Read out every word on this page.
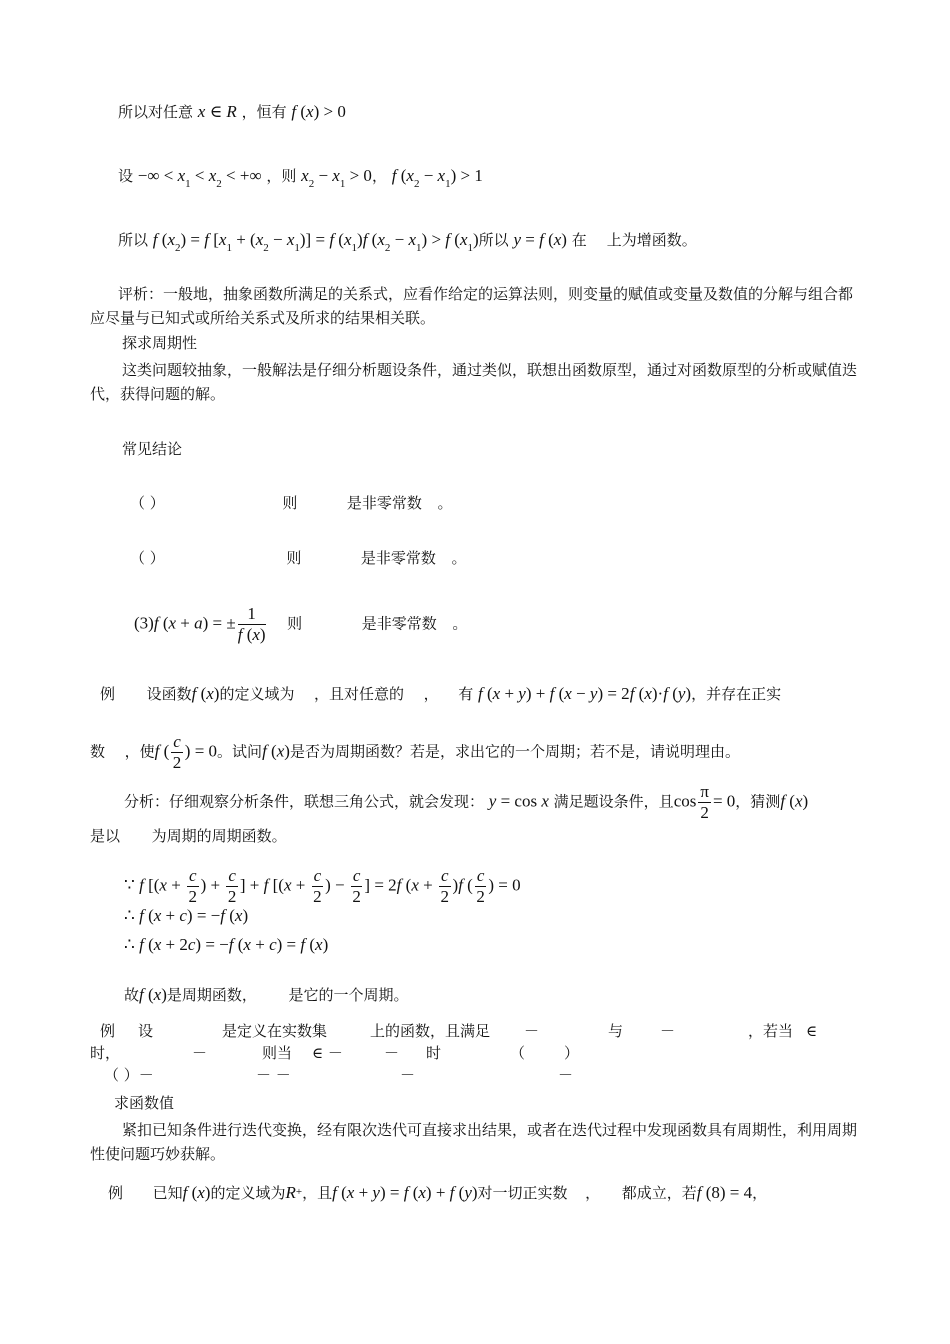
所以对任意 x ∈ R ，恒有 f (x) > 0
设 −∞ < $x_1 < x_2$ < +∞ ，则 $x_2 - x_1 > 0$， f $(x_2 - x_1) > 1$
所以 f $(x_2) = f$ $[x_1 + (x_2 - x_1)] = f$ $(x_1)f$ $(x_2 - x_1) > f$ $(x_1)$所以 y = f (x) 在 上为增函数。
评析：一般地，抽象函数所满足的关系式，应看作给定的运算法则，则变量的赋值或变量及数值的分解与组合都应尽量与已知式或所给关系式及所求的结果相关联。
探求周期性
这类问题较抽象，一般解法是仔细分析题设条件，通过类似，联想出函数原型，通过对函数原型的分析或赋值迭代，获得问题的解。
常见结论
（ ）	则	是非零常数 。
（ ）	则	是非零常数 。
(3)f (x + a) = ± $\frac{1}{f (x)}$ 则	是非零常数 。
例 设函数f (x)的定义域为 ，且对任意的 ， 有 f (x + y) + f (x − y) = 2f (x)·f (y)，并存在正实
数 ，使f ( $\frac{c}{2}$ ) = 0。试问f (x)是否为周期函数？若是，求出它的一个周期；若不是，请说明理由。
分析：仔细观察分析条件，联想三角公式，就会发现： y = cos x 满足题设条件，且$\cos \frac{\pi}{2} = 0$，猜测f (x)
是以 为周期的周期函数。
∵ f [($x + \frac{c}{2}$ ) + $\frac{c}{2}$ ] + f [($x + \frac{c}{2}$ ) − $\frac{c}{2}$ ] = 2f $(x + \frac{c}{2} )f$ ( $\frac{c}{2}$ ) = 0
∴ f (x + c) = −f (x)
∴ f (x + 2c) = −f (x + c) = f (x)
故f (x)是周期函数， 是它的一个周期。
例 设	是定义在实数集	上的函数，且满足 －	与 －	，若当 ∈
时，	－	则当 ∈ －	－ 时	（	）
（ ）－	－ －	－	－
求函数值
紧扣已知条件进行迭代变换，经有限次迭代可直接求出结果，或者在迭代过程中发现函数具有周期性，利用周期性使问题巧妙获解。
例 已知f (x)的定义域为R+，且f (x + y) = f (x) + f (y)对一切正实数 ， 都成立，若f (8) = 4，
